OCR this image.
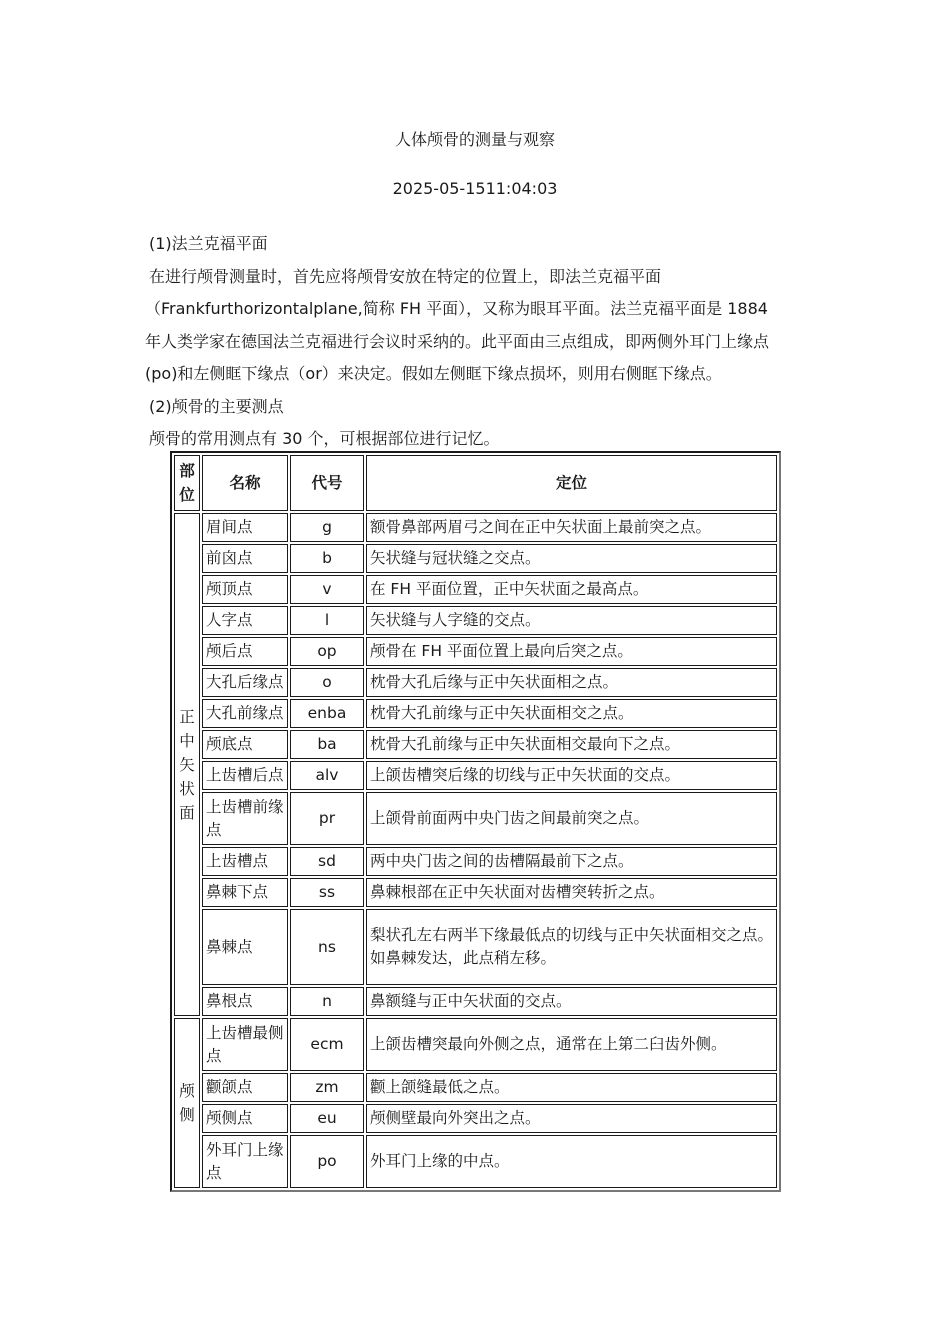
人体颅骨的测量与观察
2025-05-1511:04:03

(1)法兰克福平面

在进行颅骨测量时，首先应将颅骨安放在特定的位置上，即法兰克福平面

（Frankfurthorizontalplane,简称 FH 平面），又称为眼耳平面。法兰克福平面是 1884

年人类学家在德国法兰克福进行会议时采纳的。此平面由三点组成，即两侧外耳门上缘点

(po)和左侧眶下缘点（or）来决定。假如左侧眶下缘点损坏，则用右侧眶下缘点。

(2)颅骨的主要测点

颅骨的常用测点有 30 个，可根据部位进行记忆。

部位	名称	代号	定位
正中矢状面	眉间点	g	额骨鼻部两眉弓之间在正中矢状面上最前突之点。
	前囟点	b	矢状缝与冠状缝之交点。
	颅顶点	v	在 FH 平面位置，正中矢状面之最高点。
	人字点	l	矢状缝与人字缝的交点。
	颅后点	op	颅骨在 FH 平面位置上最向后突之点。
	大孔后缘点	o	枕骨大孔后缘与正中矢状面相之点。
	大孔前缘点	enba	枕骨大孔前缘与正中矢状面相交之点。
	颅底点	ba	枕骨大孔前缘与正中矢状面相交最向下之点。
	上齿槽后点	alv	上颌齿槽突后缘的切线与正中矢状面的交点。
	上齿槽前缘点	pr	上颌骨前面两中央门齿之间最前突之点。
	上齿槽点	sd	两中央门齿之间的齿槽隔最前下之点。
	鼻棘下点	ss	鼻棘根部在正中矢状面对齿槽突转折之点。
	鼻棘点	ns	梨状孔左右两半下缘最低点的切线与正中矢状面相交之点。
如鼻棘发达，此点稍左移。

	鼻根点	n	鼻额缝与正中矢状面的交点。
颅侧	上齿槽最侧点	ecm	上颌齿槽突最向外侧之点，通常在上第二臼齿外侧。
	颧颌点	zm	颧上颌缝最低之点。
	颅侧点	eu	颅侧壁最向外突出之点。
	外耳门上缘点	po	外耳门上缘的中点。
